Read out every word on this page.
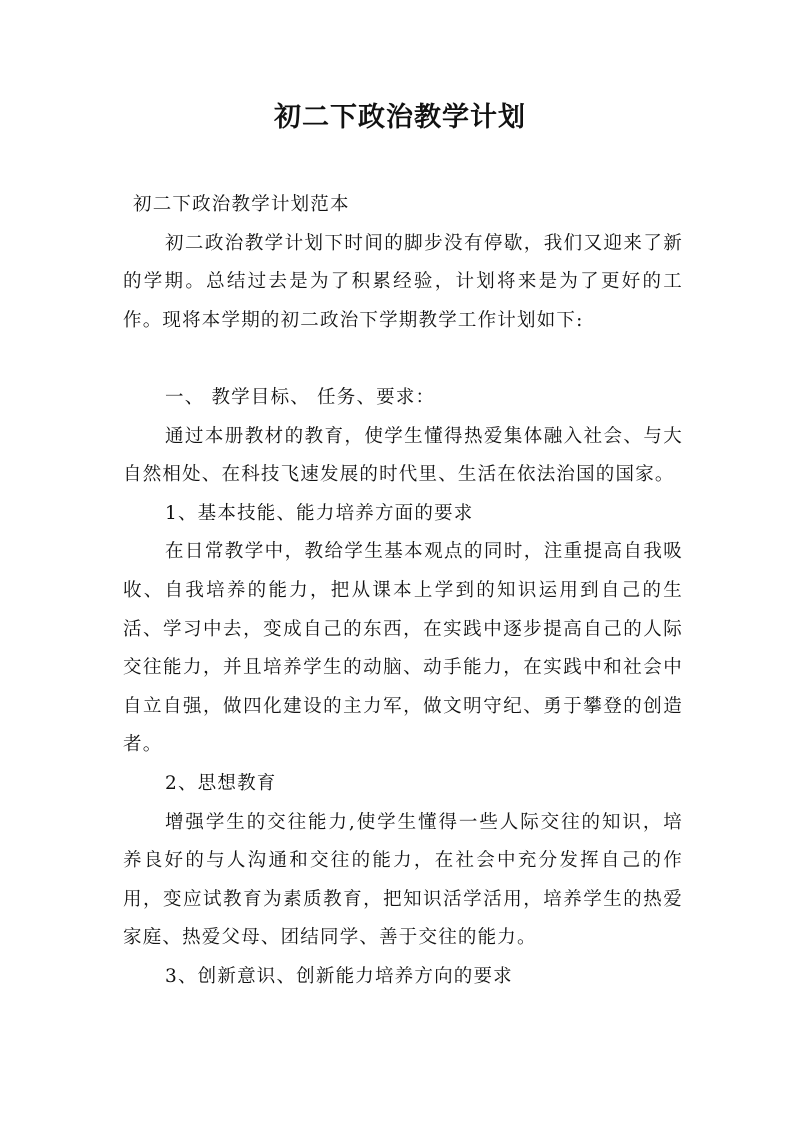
初二下政治教学计划

初二下政治教学计划范本

初二政治教学计划下时间的脚步没有停歇，我们又迎来了新的学期。总结过去是为了积累经验，计划将来是为了更好的工作。现将本学期的初二政治下学期教学工作计划如下:

一、 教学目标、 任务、要求：

通过本册教材的教育，使学生懂得热爱集体融入社会、与大自然相处、在科技飞速发展的时代里、生活在依法治国的国家。

1、基本技能、能力培养方面的要求

在日常教学中，教给学生基本观点的同时，注重提高自我吸收、自我培养的能力，把从课本上学到的知识运用到自己的生活、学习中去，变成自己的东西，在实践中逐步提高自己的人际交往能力，并且培养学生的动脑、动手能力，在实践中和社会中自立自强，做四化建设的主力军，做文明守纪、勇于攀登的创造者。

2、思想教育

增强学生的交往能力,使学生懂得一些人际交往的知识，培养良好的与人沟通和交往的能力，在社会中充分发挥自己的作用，变应试教育为素质教育，把知识活学活用，培养学生的热爱家庭、热爱父母、团结同学、善于交往的能力。

3、创新意识、创新能力培养方向的要求
